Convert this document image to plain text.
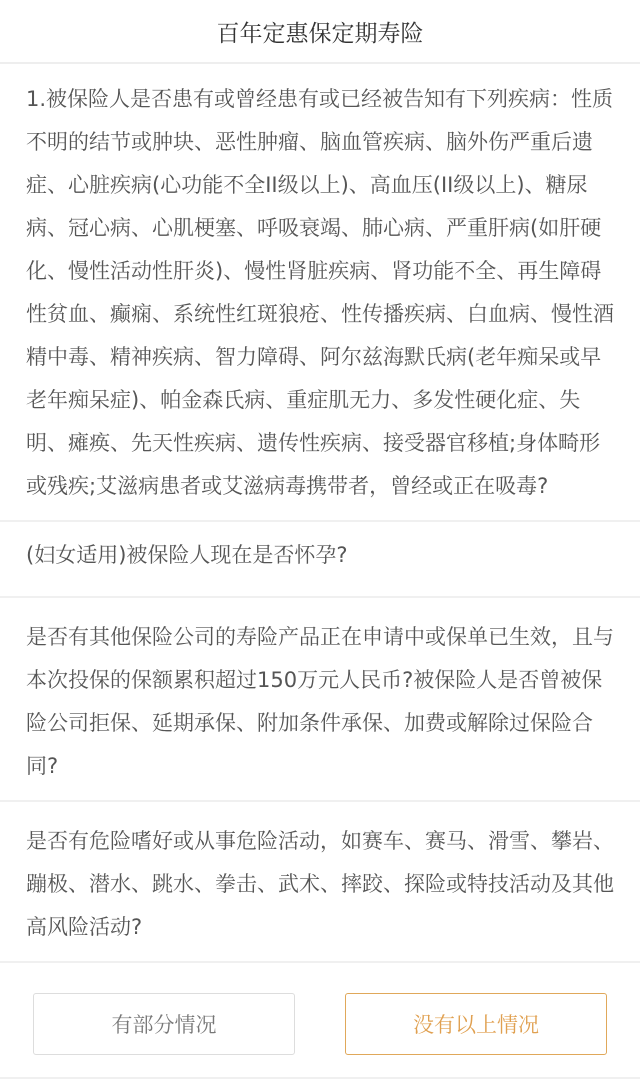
百年定惠保定期寿险
1.被保险人是否患有或曾经患有或已经被告知有下列疾病：性质不明的结节或肿块、恶性肿瘤、脑血管疾病、脑外伤严重后遗症、心脏疾病(心功能不全II级以上)、高血压(II级以上)、糖尿病、冠心病、心肌梗塞、呼吸衰竭、肺心病、严重肝病(如肝硬化、慢性活动性肝炎)、慢性肾脏疾病、肾功能不全、再生障碍性贫血、癫痫、系统性红斑狼疮、性传播疾病、白血病、慢性酒精中毒、精神疾病、智力障碍、阿尔兹海默氏病(老年痴呆或早老年痴呆症)、帕金森氏病、重症肌无力、多发性硬化症、失明、瘫痪、先天性疾病、遗传性疾病、接受器官移植;身体畸形或残疾;艾滋病患者或艾滋病毒携带者，曾经或正在吸毒?
(妇女适用)被保险人现在是否怀孕?
是否有其他保险公司的寿险产品正在申请中或保单已生效，且与本次投保的保额累积超过150万元人民币?被保险人是否曾被保险公司拒保、延期承保、附加条件承保、加费或解除过保险合同?
是否有危险嗜好或从事危险活动，如赛车、赛马、滑雪、攀岩、蹦极、潜水、跳水、拳击、武术、摔跤、探险或特技活动及其他高风险活动?
有部分情况	没有以上情况
